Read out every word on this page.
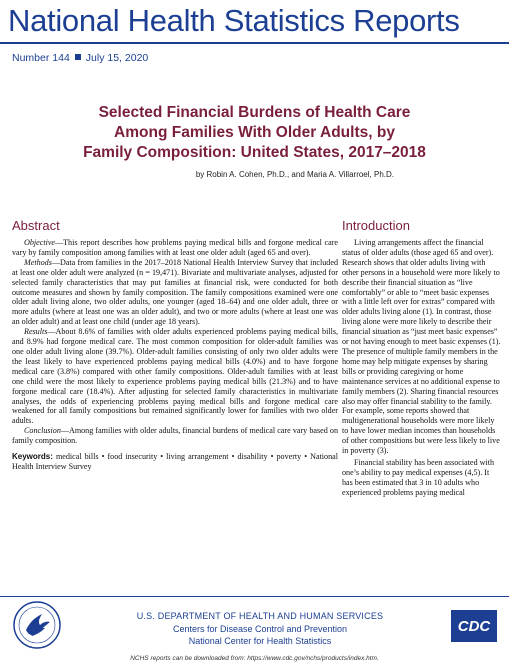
National Health Statistics Reports
Number 144 July 15, 2020
Selected Financial Burdens of Health Care
Among Families With Older Adults, by
Family Composition: United States, 2017–2018
by Robin A. Cohen, Ph.D., and Maria A. Villarroel, Ph.D.
Abstract	Introduction

Objective—This report describes how problems paying medical bills and forgone medical care vary by family composition among families with at least one older adult (aged 65 and over).

Methods—Data from families in the 2017–2018 National Health Interview Survey that included at least one older adult were analyzed (n = 19,471). Bivariate and multivariate analyses, adjusted for selected family characteristics that may put families at financial risk, were conducted for both outcome measures and shown by family composition. The family compositions examined were one older adult living alone, two older adults, one younger (aged 18–64) and one older adult, three or more adults (where at least one was an older adult), and two or more adults (where at least one was an older adult) and at least one child (under age 18 years).

Results—About 8.6% of families with older adults experienced problems paying medical bills, and 8.9% had forgone medical care. The most common composition for older-adult families was one older adult living alone (39.7%). Older-adult families consisting of only two older adults were the least likely to have experienced problems paying medical bills (4.0%) and to have forgone medical care (3.8%) compared with other family compositions. Older-adult families with at least one child were the most likely to experience problems paying medical bills (21.3%) and to have forgone medical care (18.4%). After adjusting for selected family characteristics in multivariate analyses, the odds of experiencing problems paying medical bills and forgone medical care weakened for all family compositions but remained significantly lower for families with two older adults.

Conclusion—Among families with older adults, financial burdens of medical care vary based on family composition.

Keywords: medical bills • food insecurity • living arrangement • disability • poverty • National Health Interview Survey

Living arrangements affect the financial status of older adults (those aged 65 and over). Research shows that older adults living with other persons in a household were more likely to describe their financial situation as “live comfortably” or able to “meet basic expenses with a little left over for extras” compared with older adults living alone (1). In contrast, those living alone were more likely to describe their financial situation as “just meet basic expenses” or not having enough to meet basic expenses (1). The presence of multiple family members in the home may help mitigate expenses by sharing bills or providing caregiving or home maintenance services at no additional expense to family members (2). Sharing financial resources also may offer financial stability to the family. For example, some reports showed that multigenerational households were more likely to have lower median incomes than households of other compositions but were less likely to live in poverty (3).

Financial stability has been associated with one’s ability to pay medical expenses (4,5). It has been estimated that 3 in 10 adults who experienced problems paying medical

U.S. DEPARTMENT OF HEALTH AND HUMAN SERVICES
Centers for Disease Control and Prevention
National Center for Health Statistics
CDC
NCHS reports can be downloaded from: https://www.cdc.gov/nchs/products/index.htm.
